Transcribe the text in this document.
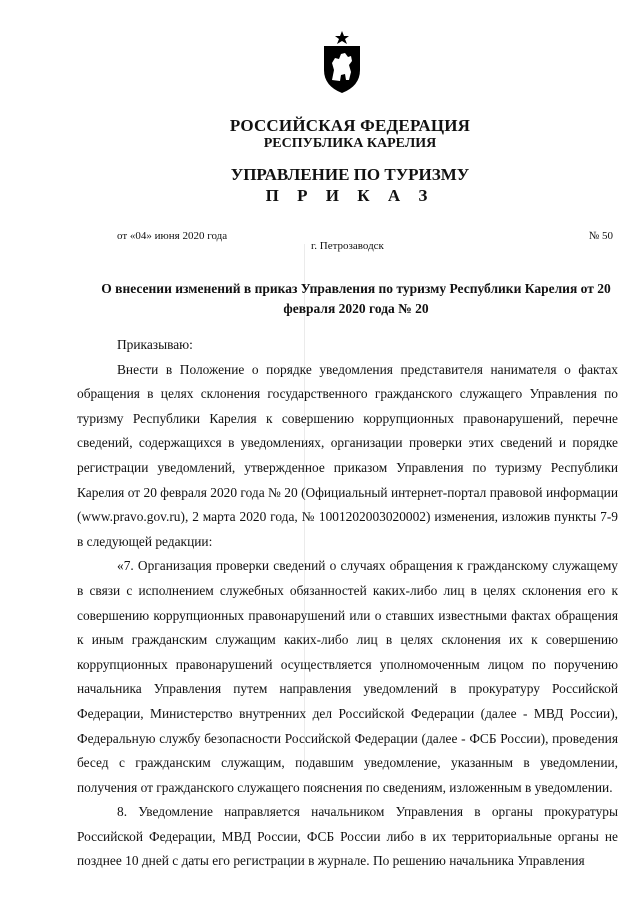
РОССИЙСКАЯ ФЕДЕРАЦИЯ
РЕСПУБЛИКА КАРЕЛИЯ
УПРАВЛЕНИЕ ПО ТУРИЗМУ
П Р И К А З
от «04» июня 2020 года
г. Петрозаводск
№ 50
О внесении изменений в приказ Управления по туризму Республики Карелия от 20 февраля 2020 года № 20

Приказываю:

Внести в Положение о порядке уведомления представителя нанимателя о фактах обращения в целях склонения государственного гражданского служащего Управления по туризму Республики Карелия к совершению коррупционных правонарушений, перечне сведений, содержащихся в уведомлениях, организации проверки этих сведений и порядке регистрации уведомлений, утвержденное приказом Управления по туризму Республики Карелия от 20 февраля 2020 года № 20 (Официальный интернет-портал правовой информации (www.pravo.gov.ru), 2 марта 2020 года, № 1001202003020002) изменения, изложив пункты 7-9 в следующей редакции:

«7. Организация проверки сведений о случаях обращения к гражданскому служащему в связи с исполнением служебных обязанностей каких-либо лиц в целях склонения его к совершению коррупционных правонарушений или о ставших известными фактах обращения к иным гражданским служащим каких-либо лиц в целях склонения их к совершению коррупционных правонарушений осуществляется уполномоченным лицом по поручению начальника Управления путем направления уведомлений в прокуратуру Российской Федерации, Министерство внутренних дел Российской Федерации (далее - МВД России), Федеральную службу безопасности Российской Федерации (далее - ФСБ России), проведения бесед с гражданским служащим, подавшим уведомление, указанным в уведомлении, получения от гражданского служащего пояснения по сведениям, изложенным в уведомлении.

8. Уведомление направляется начальником Управления в органы прокуратуры Российской Федерации, МВД России, ФСБ России либо в их территориальные органы не позднее 10 дней с даты его регистрации в журнале. По решению начальника Управления
